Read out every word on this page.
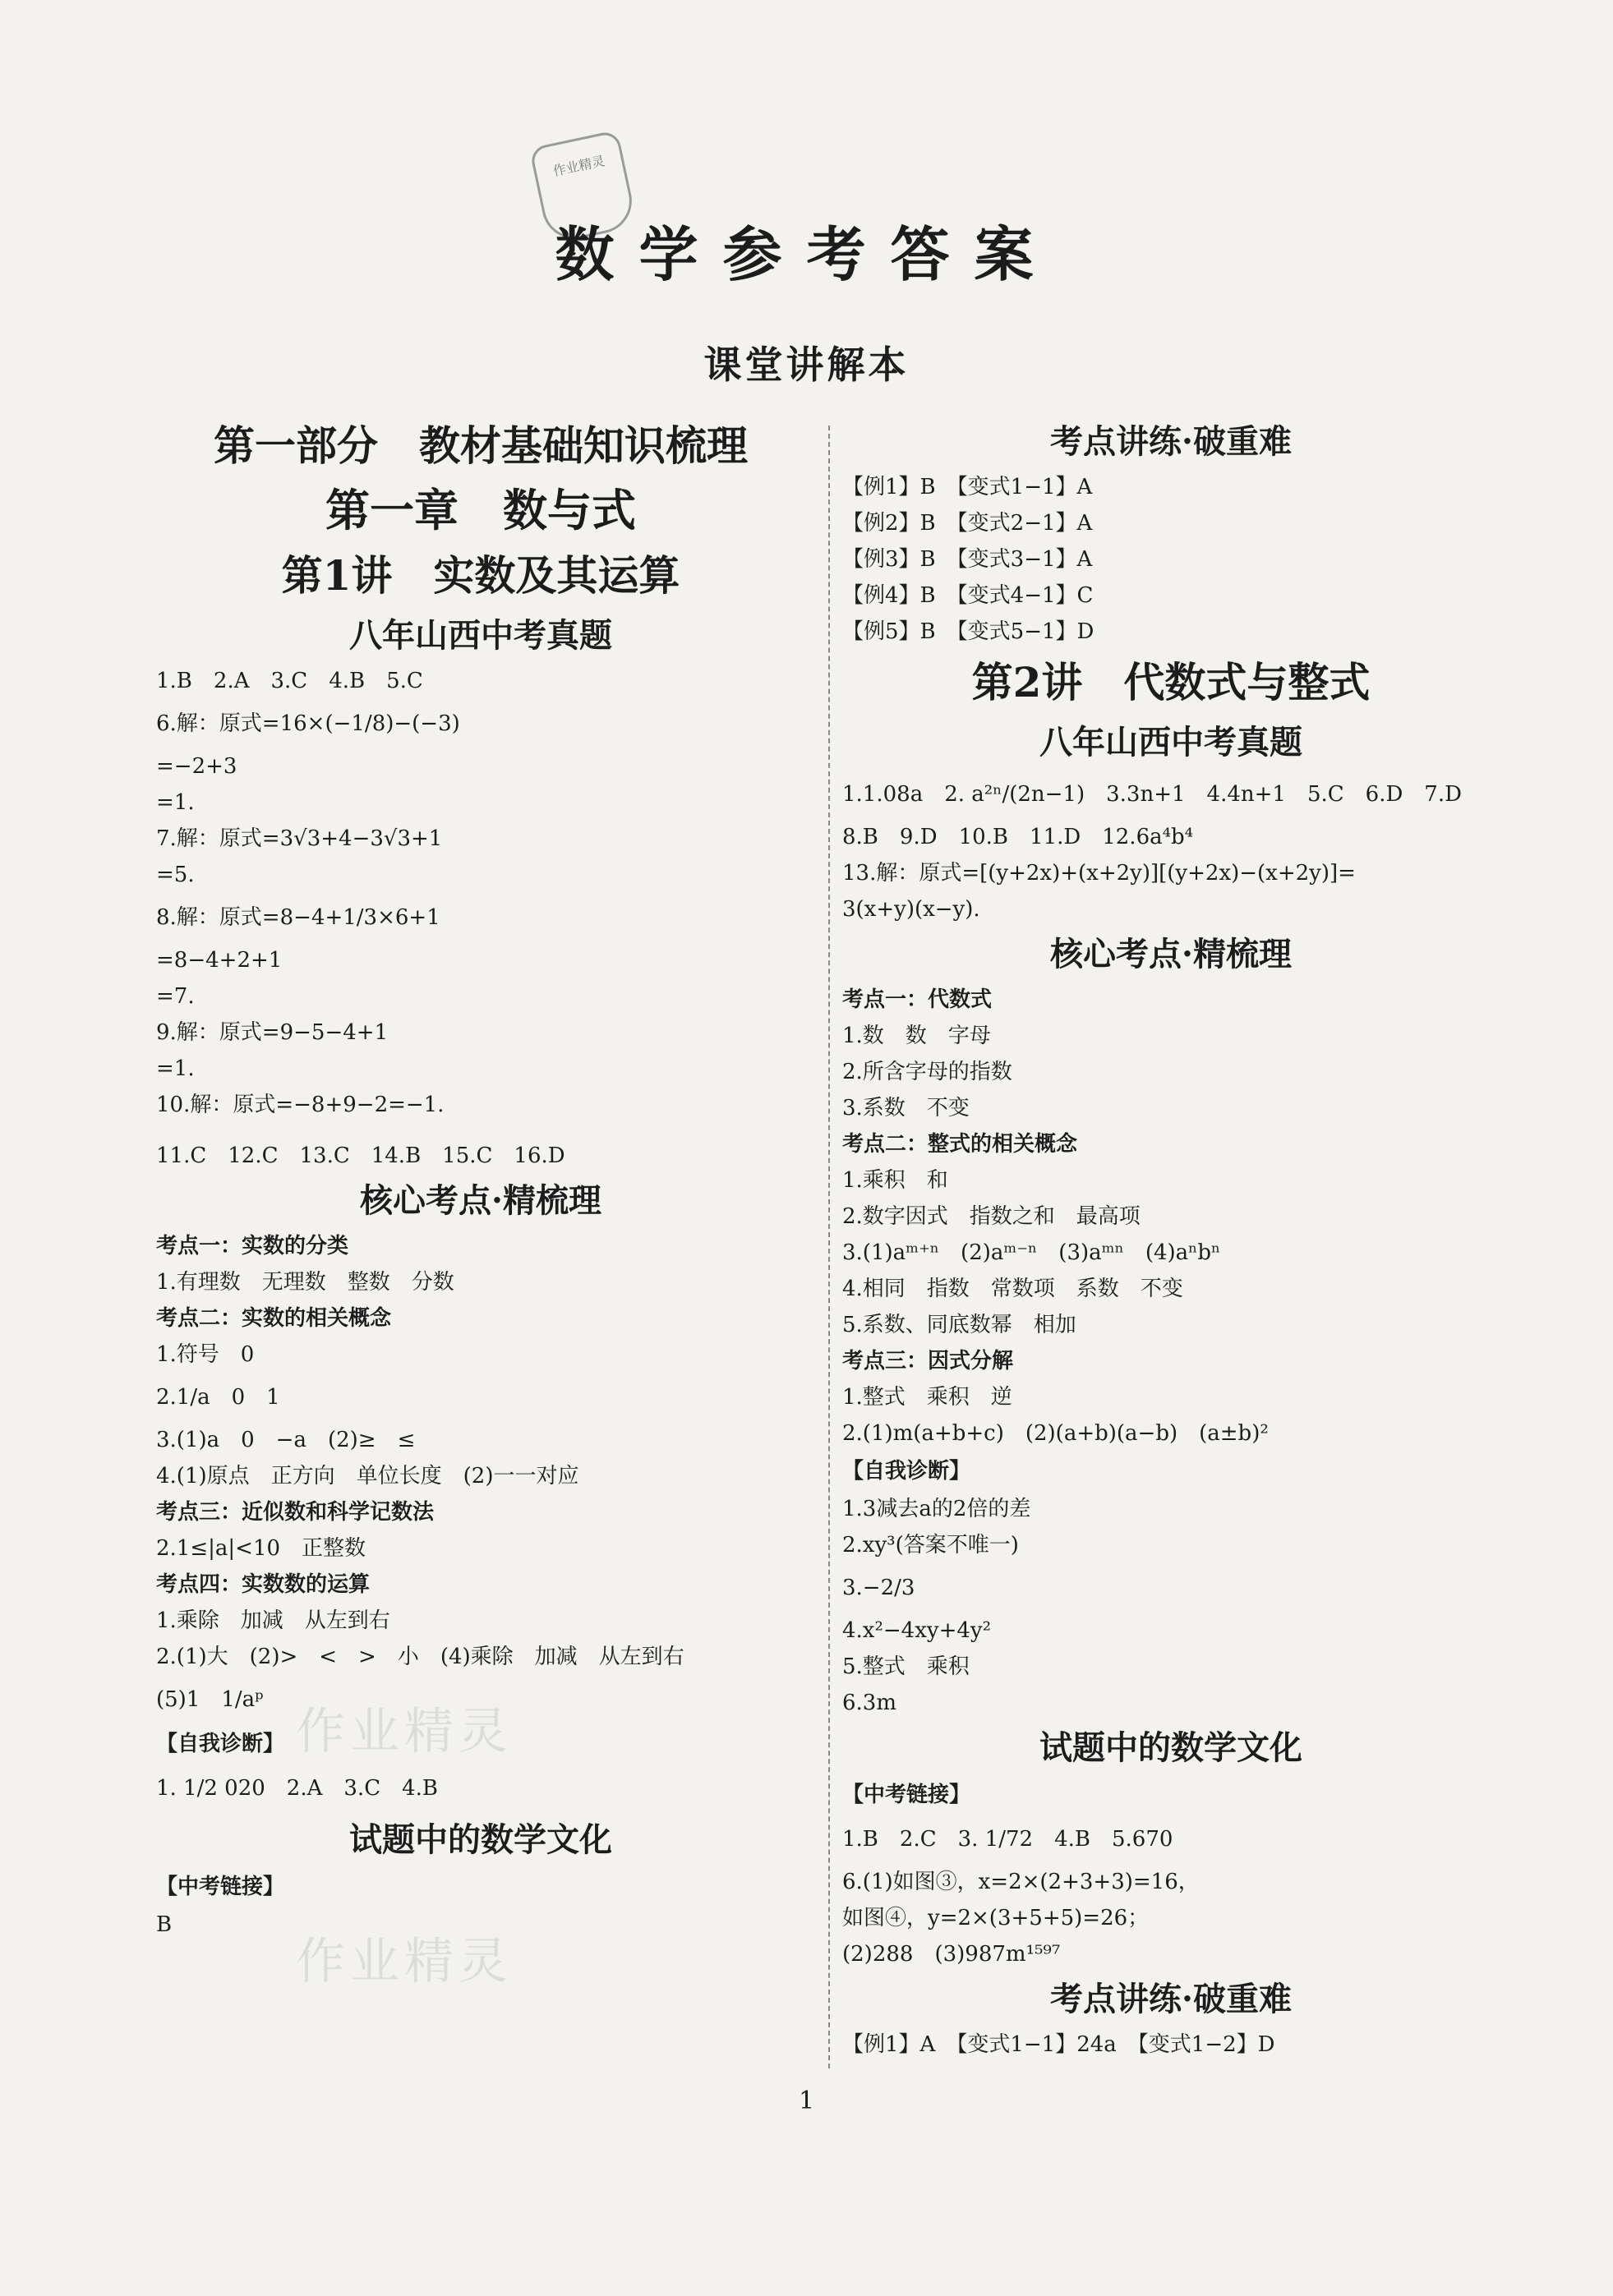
作业精灵
数学参考答案
课堂讲解本
第一部分　教材基础知识梳理
第一章　数与式
第1讲　实数及其运算
八年山西中考真题
1.B　2.A　3.C　4.B　5.C
6.解：原式=16×(−1/8)−(−3)
=−2+3
=1.
7.解：原式=3√3+4−3√3+1
=5.
8.解：原式=8−4+1/3×6+1
=8−4+2+1
=7.
9.解：原式=9−5−4+1
=1.
10.解：原式=−8+9−2=−1.
11.C　12.C　13.C　14.B　15.C　16.D
核心考点·精梳理
考点一：实数的分类
1.有理数　无理数　整数　分数
考点二：实数的相关概念
1.符号　0
2.1/a　0　1
3.(1)a　0　−a　(2)≥　≤
4.(1)原点　正方向　单位长度　(2)一一对应
考点三：近似数和科学记数法
2.1≤|a|<10　正整数
考点四：实数数的运算
1.乘除　加减　从左到右
2.(1)大　(2)>　<　>　小　(4)乘除　加减　从左到右
(5)1　1/aᵖ
【自我诊断】
1. 1/2 020　2.A　3.C　4.B
试题中的数学文化
【中考链接】
B
考点讲练·破重难
【例1】B　【变式1−1】A
【例2】B　【变式2−1】A
【例3】B　【变式3−1】A
【例4】B　【变式4−1】C
【例5】B　【变式5−1】D
第2讲　代数式与整式
八年山西中考真题
1.1.08a　2. a²ⁿ/(2n−1)　3.3n+1　4.4n+1　5.C　6.D　7.D
8.B　9.D　10.B　11.D　12.6a⁴b⁴
13.解：原式=[(y+2x)+(x+2y)][(y+2x)−(x+2y)]=
3(x+y)(x−y).
核心考点·精梳理
考点一：代数式
1.数　数　字母
2.所含字母的指数
3.系数　不变
考点二：整式的相关概念
1.乘积　和
2.数字因式　指数之和　最高项
3.(1)aᵐ⁺ⁿ　(2)aᵐ⁻ⁿ　(3)aᵐⁿ　(4)aⁿbⁿ
4.相同　指数　常数项　系数　不变
5.系数、同底数幂　相加
考点三：因式分解
1.整式　乘积　逆
2.(1)m(a+b+c)　(2)(a+b)(a−b)　(a±b)²
【自我诊断】
1.3减去a的2倍的差
2.xy³(答案不唯一)
3.−2/3
4.x²−4xy+4y²
5.整式　乘积
6.3m
试题中的数学文化
【中考链接】
1.B　2.C　3. 1/72　4.B　5.670
6.(1)如图③，x=2×(2+3+3)=16，
如图④，y=2×(3+5+5)=26；
(2)288　(3)987m¹⁵⁹⁷
考点讲练·破重难
【例1】A　【变式1−1】24a　【变式1−2】D
作业精灵
作业精灵
1
